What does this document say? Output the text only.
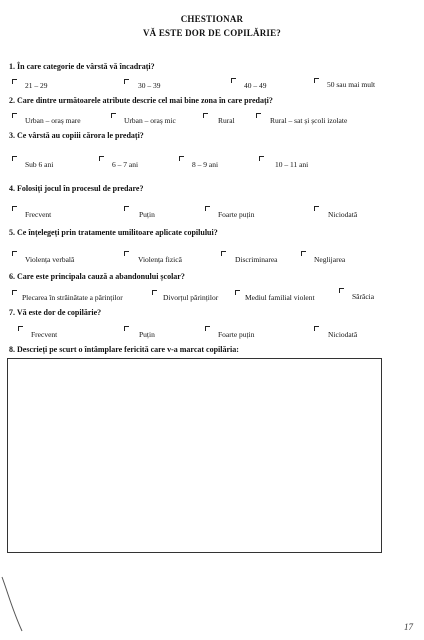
CHESTIONAR
VĂ ESTE DOR DE COPILĂRIE?
1. În care categorie de vârstă vă încadrați?
21 – 29	30 – 39	40 – 49	50 sau mai mult
2. Care dintre următoarele atribute descrie cel mai bine zona în care predați?
Urban – oraș mare	Urban – oraș mic	Rural	Rural – sat și școli izolate
3. Ce vârstă au copiii cărora le predați?
Sub 6 ani	6 – 7 ani	8 – 9 ani	10 – 11 ani
4. Folosiți jocul în procesul de predare?
Frecvent	Puțin	Foarte puțin	Niciodată
5. Ce înțelegeți prin tratamente umilitoare aplicate copilului?
Violența verbală	Violența fizică	Discriminarea	Neglijarea
6. Care este principala cauză a abandonului școlar?
Plecarea în străinătate a părinților	Divorțul părinților	Mediul familial violent	Sărăcia
7. Vă este dor de copilărie?
Frecvent	Puțin	Foarte puțin	Niciodată
8. Descrieți pe scurt o întâmplare fericită care v-a marcat copilăria:
17
